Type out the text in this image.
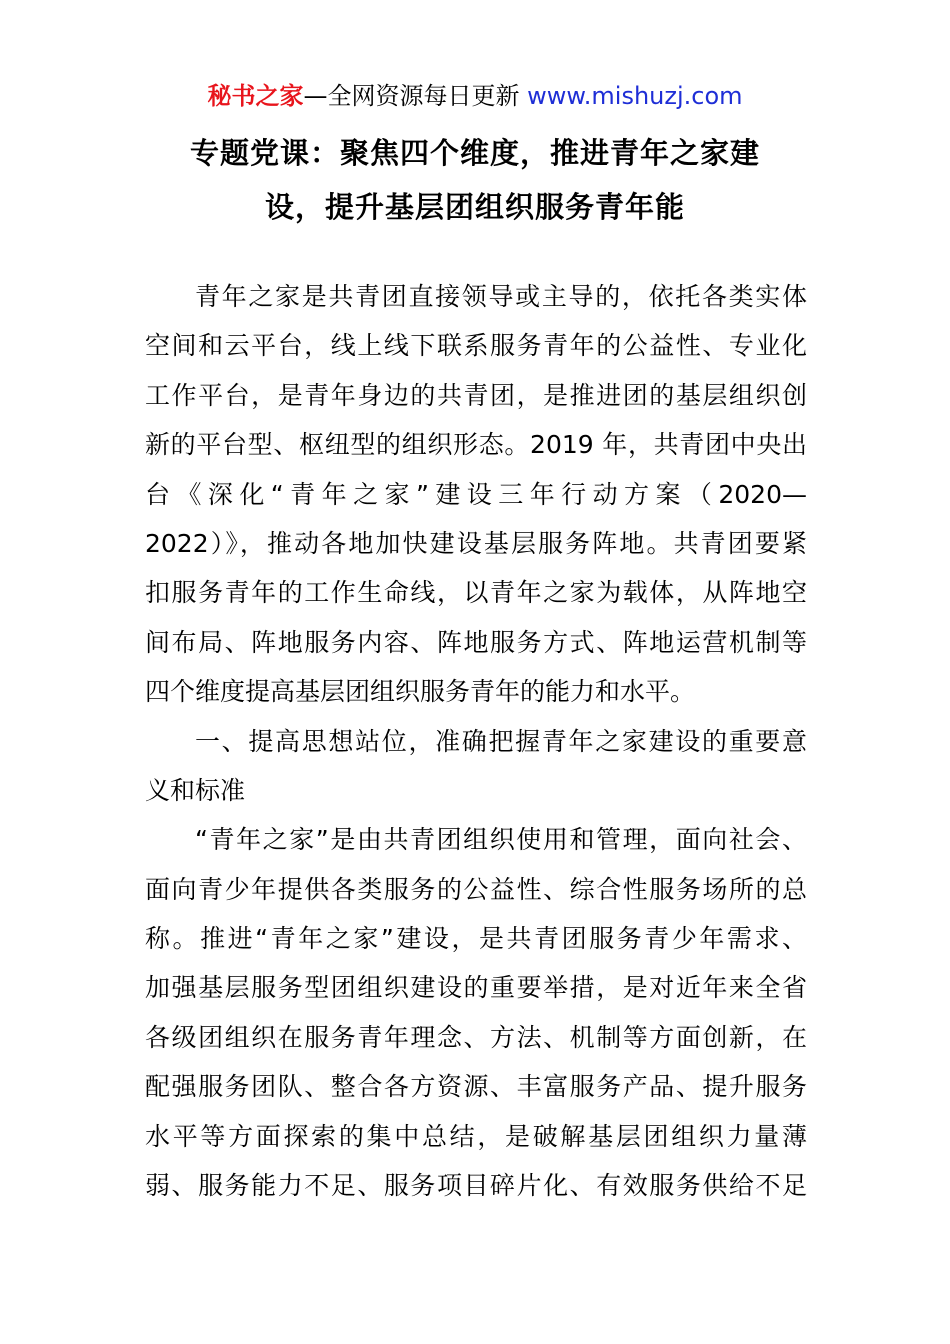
秘书之家—全网资源每日更新 www.mishuzj.com
专题党课：聚焦四个维度，推进青年之家建
设，提升基层团组织服务青年能
青年之家是共青团直接领导或主导的，依托各类实体
空间和云平台，线上线下联系服务青年的公益性、专业化
工作平台，是青年身边的共青团，是推进团的基层组织创
新的平台型、枢纽型的组织形态。2019 年，共青团中央出
台《深化“青年之家”建设三年行动方案（2020—
2022）》，推动各地加快建设基层服务阵地。共青团要紧
扣服务青年的工作生命线，以青年之家为载体，从阵地空
间布局、阵地服务内容、阵地服务方式、阵地运营机制等
四个维度提高基层团组织服务青年的能力和水平。
一、提高思想站位，准确把握青年之家建设的重要意
义和标准
“青年之家”是由共青团组织使用和管理，面向社会、
面向青少年提供各类服务的公益性、综合性服务场所的总
称。推进“青年之家”建设，是共青团服务青少年需求、
加强基层服务型团组织建设的重要举措，是对近年来全省
各级团组织在服务青年理念、方法、机制等方面创新，在
配强服务团队、整合各方资源、丰富服务产品、提升服务
水平等方面探索的集中总结，是破解基层团组织力量薄
弱、服务能力不足、服务项目碎片化、有效服务供给不足
